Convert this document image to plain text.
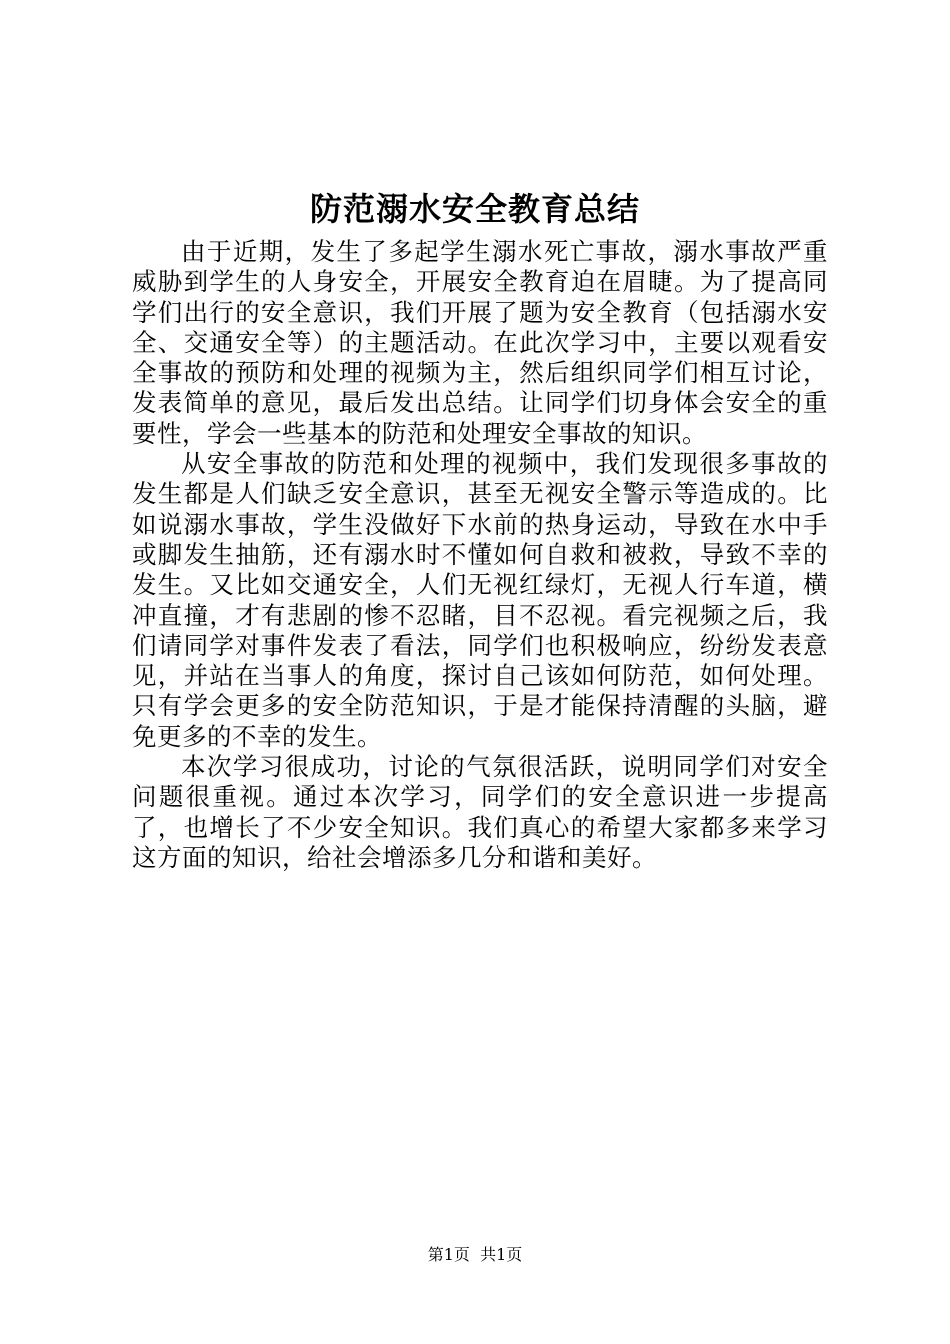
防范溺水安全教育总结

由于近期，发生了多起学生溺水死亡事故，溺水事故严重威胁到学生的人身安全，开展安全教育迫在眉睫。为了提高同学们出行的安全意识，我们开展了题为安全教育（包括溺水安全、交通安全等）的主题活动。在此次学习中，主要以观看安全事故的预防和处理的视频为主，然后组织同学们相互讨论，发表简单的意见，最后发出总结。让同学们切身体会安全的重要性，学会一些基本的防范和处理安全事故的知识。

从安全事故的防范和处理的视频中，我们发现很多事故的发生都是人们缺乏安全意识，甚至无视安全警示等造成的。比如说溺水事故，学生没做好下水前的热身运动，导致在水中手或脚发生抽筋，还有溺水时不懂如何自救和被救，导致不幸的发生。又比如交通安全，人们无视红绿灯，无视人行车道，横冲直撞，才有悲剧的惨不忍睹，目不忍视。看完视频之后，我们请同学对事件发表了看法，同学们也积极响应，纷纷发表意见，并站在当事人的角度，探讨自己该如何防范，如何处理。只有学会更多的安全防范知识，于是才能保持清醒的头脑，避免更多的不幸的发生。

本次学习很成功，讨论的气氛很活跃，说明同学们对安全问题很重视。通过本次学习，同学们的安全意识进一步提高了，也增长了不少安全知识。我们真心的希望大家都多来学习这方面的知识，给社会增添多几分和谐和美好。

第1页  共1页
